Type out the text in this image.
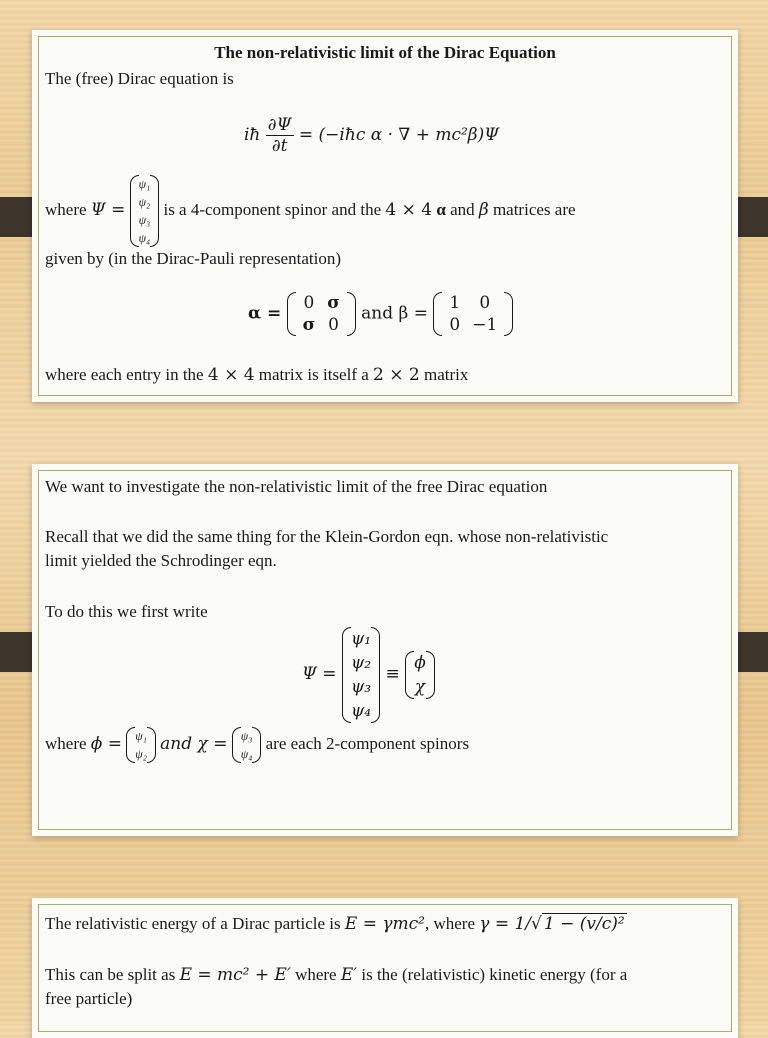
The non-relativistic limit of the Dirac Equation
The (free) Dirac equation is
iħ $\frac{\partial\Psi}{\partial t}$ = (−iħc α · ∇ + mc²β)Ψ
where Ψ =
ψ₁
ψ₂
ψ₃
ψ₄
is a 4-component spinor and the 4 × 4 α and β matrices are
given by (in the Dirac-Pauli representation)
α =
0	σ
σ	0
and β =
1	0
0	−1
where each entry in the 4 × 4 matrix is itself a 2 × 2 matrix
We want to investigate the non-relativistic limit of the free Dirac equation
Recall that we did the same thing for the Klein-Gordon eqn. whose non-relativistic
limit yielded the Schrodinger eqn.
To do this we first write
Ψ =
ψ₁
ψ₂
ψ₃
ψ₄
≡
ϕ
χ
where ϕ = ψ₁
ψ₂
and χ = ψ₃
ψ₄
are each 2-component spinors
The relativistic energy of a Dirac particle is E = γmc², where γ = 1/√ 1 − (v/c)²
This can be split as E = mc² + E′ where E′ is the (relativistic) kinetic energy (for a
free particle)
